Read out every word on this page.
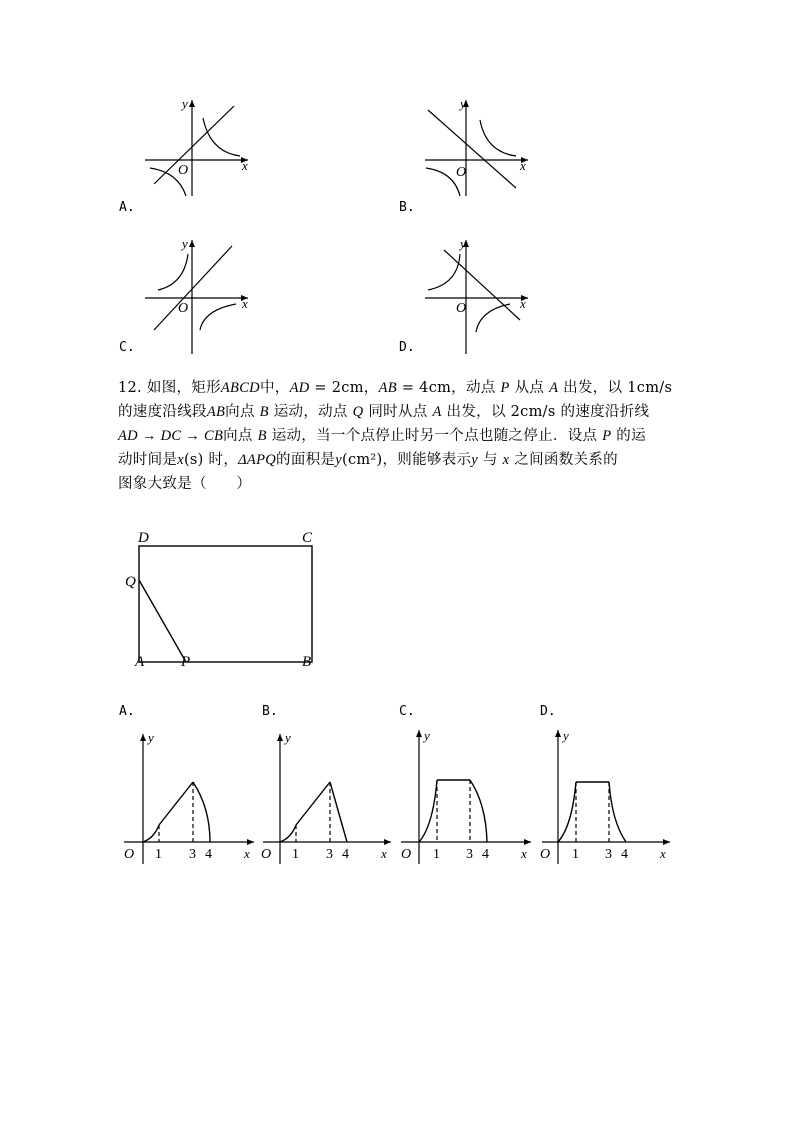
y
O	x
A.
y
O	x
B.
y
O	x
C.
y
O	x
D.
12. 如图，矩形ABCD中，AD = 2cm，AB = 4cm，动点 P 从点 A 出发，以 1cm/s
的速度沿线段AB向点 B 运动，动点 Q 同时从点 A 出发，以 2cm/s 的速度沿折线
AD → DC → CB向点 B 运动，当一个点停止时另一个点也随之停止．设点 P 的运
动时间是x(s) 时，ΔAPQ的面积是y(cm²)，则能够表示y 与 x 之间函数关系的
图象大致是（　　）
D	C
Q
A P	B
A.	B.	C.	D.
y
O 1 3 4 x
y
O 1 3 4 x
y
O 1 3 4 x
y
O 1 3 4 x
